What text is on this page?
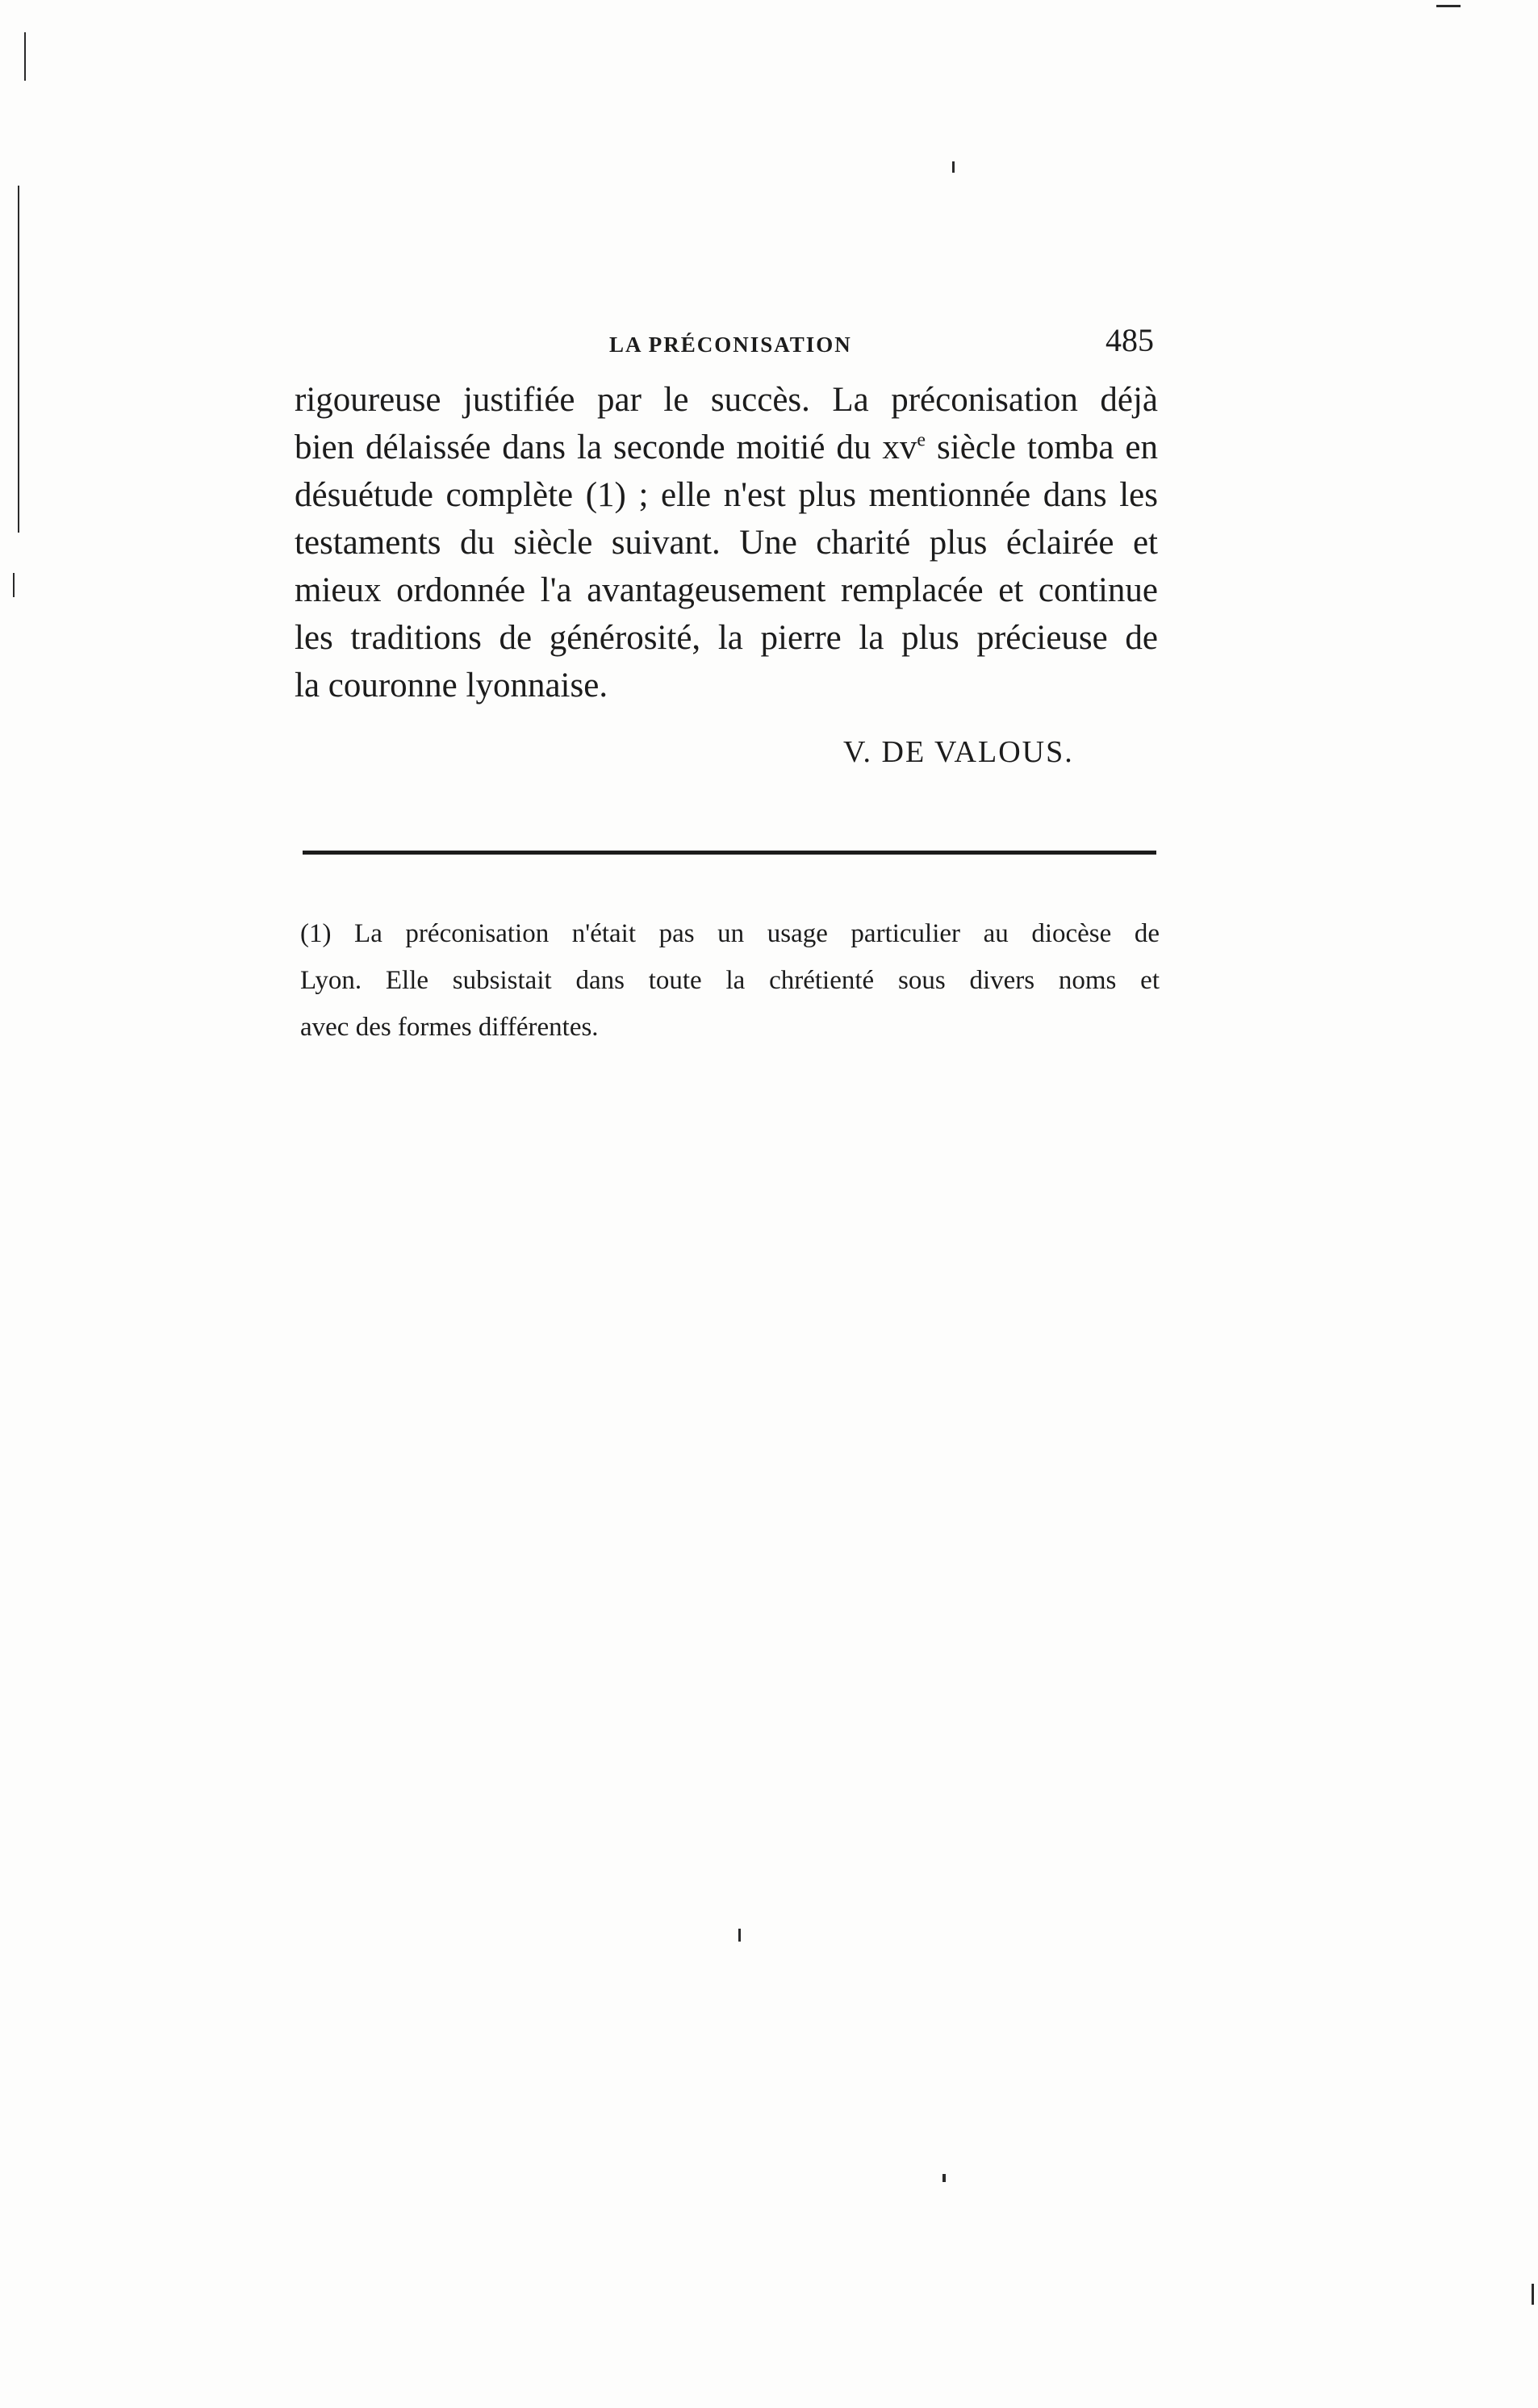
LA PRÉCONISATION	485
rigoureuse justifiée par le succès. La préconisation déjà
bien délaissée dans la seconde moitié du $xv^e$ siècle tomba en
désuétude complète (1) ; elle n'est plus mentionnée dans les
testaments du siècle suivant. Une charité plus éclairée et
mieux ordonnée l'a avantageusement remplacée et continue
les traditions de générosité, la pierre la plus précieuse de
la couronne lyonnaise.
V. DE VALOUS.
(1) La préconisation n'était pas un usage particulier au diocèse de
Lyon. Elle subsistait dans toute la chrétienté sous divers noms et
avec des formes différentes.
